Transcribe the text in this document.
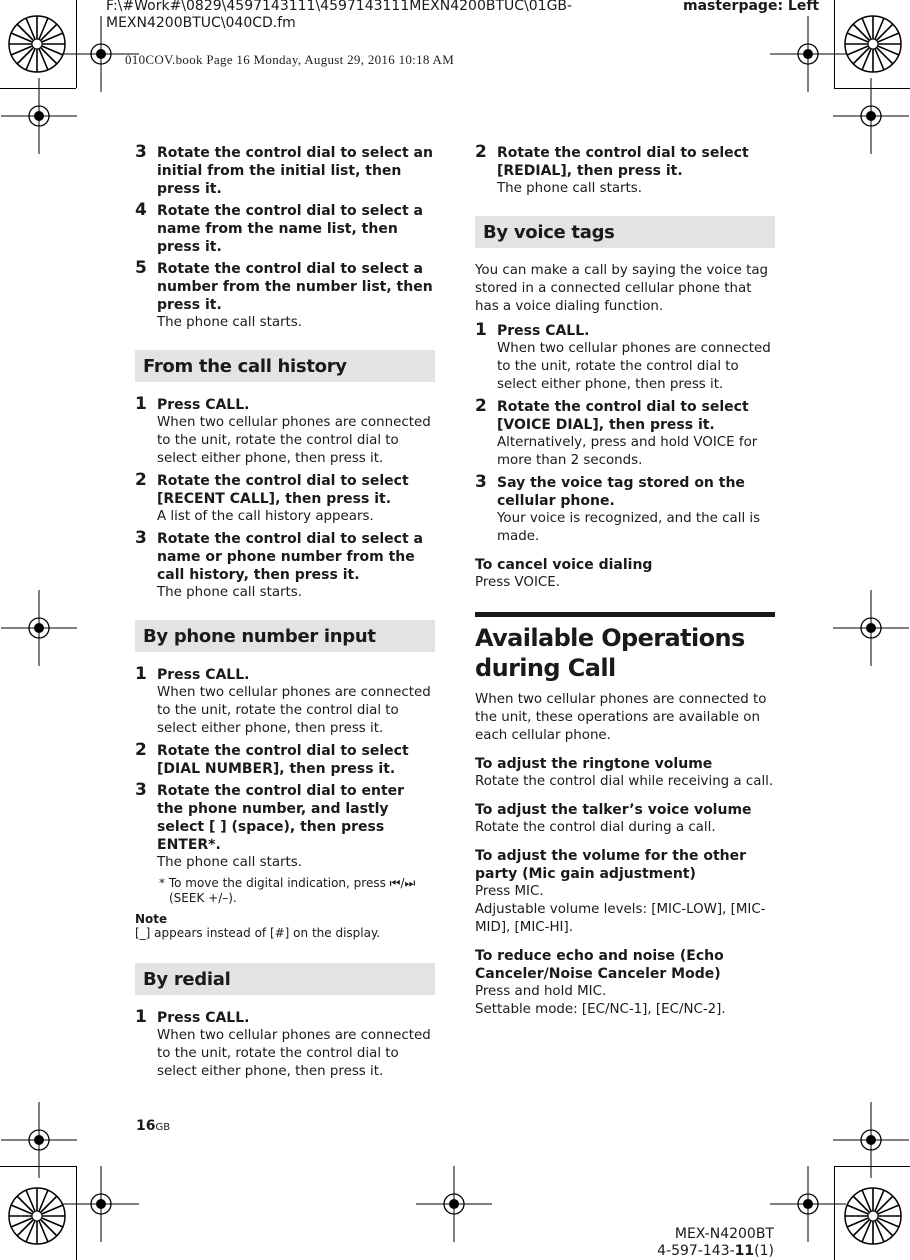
F:\#Work#\0829\4597143111\4597143111MEXN4200BTUC\01GB-
MEXN4200BTUC\040CD.fm
masterpage: Left
010COV.book Page 16 Monday, August 29, 2016 10:18 AM
3 Rotate the control dial to select an initial from the initial list, then press it.
4 Rotate the control dial to select a name from the name list, then press it.
5 Rotate the control dial to select a number from the number list, then press it.
The phone call starts.
From the call history
1 Press CALL.
When two cellular phones are connected to the unit, rotate the control dial to select either phone, then press it.
2 Rotate the control dial to select [RECENT CALL], then press it.
A list of the call history appears.
3 Rotate the control dial to select a name or phone number from the call history, then press it.
The phone call starts.
By phone number input
1 Press CALL.
When two cellular phones are connected to the unit, rotate the control dial to select either phone, then press it.
2 Rotate the control dial to select [DIAL NUMBER], then press it.
3 Rotate the control dial to enter the phone number, and lastly select [ ] (space), then press ENTER*.
The phone call starts.
* To move the digital indication, press ⏮/⏭ (SEEK +/–).
Note
[_] appears instead of [#] on the display.
By redial
1 Press CALL.
When two cellular phones are connected to the unit, rotate the control dial to select either phone, then press it.
2 Rotate the control dial to select [REDIAL], then press it.
The phone call starts.
By voice tags
You can make a call by saying the voice tag stored in a connected cellular phone that has a voice dialing function.
1 Press CALL.
When two cellular phones are connected to the unit, rotate the control dial to select either phone, then press it.
2 Rotate the control dial to select [VOICE DIAL], then press it.
Alternatively, press and hold VOICE for more than 2 seconds.
3 Say the voice tag stored on the cellular phone.
Your voice is recognized, and the call is made.
To cancel voice dialing
Press VOICE.
Available Operations during Call
When two cellular phones are connected to the unit, these operations are available on each cellular phone.
To adjust the ringtone volume
Rotate the control dial while receiving a call.
To adjust the talker’s voice volume
Rotate the control dial during a call.
To adjust the volume for the other party (Mic gain adjustment)
Press MIC.
Adjustable volume levels: [MIC-LOW], [MIC-MID], [MIC-HI].
To reduce echo and noise (Echo Canceler/Noise Canceler Mode)
Press and hold MIC.
Settable mode: [EC/NC-1], [EC/NC-2].
16GB
MEX-N4200BT
4-597-143-11(1)
